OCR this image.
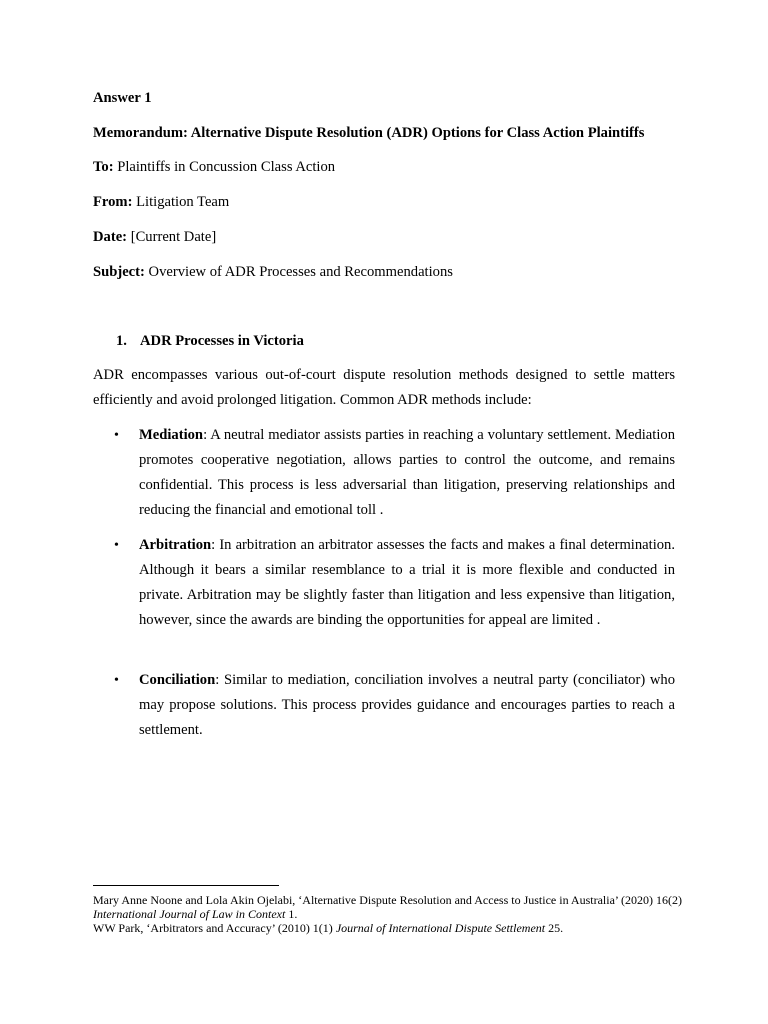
Answer 1
Memorandum: Alternative Dispute Resolution (ADR) Options for Class Action Plaintiffs
To: Plaintiffs in Concussion Class Action
From: Litigation Team
Date: [Current Date]
Subject: Overview of ADR Processes and Recommendations
1. ADR Processes in Victoria
ADR encompasses various out-of-court dispute resolution methods designed to settle matters efficiently and avoid prolonged litigation. Common ADR methods include:
•	Mediation: A neutral mediator assists parties in reaching a voluntary settlement. Mediation promotes cooperative negotiation, allows parties to control the outcome, and remains confidential. This process is less adversarial than litigation, preserving relationships and reducing the financial and emotional toll .
•	Arbitration: In arbitration an arbitrator assesses the facts and makes a final determination. Although it bears a similar resemblance to a trial it is more flexible and conducted in private. Arbitration may be slightly faster than litigation and less expensive than litigation, however, since the awards are binding the opportunities for appeal are limited .
•	Conciliation: Similar to mediation, conciliation involves a neutral party (conciliator) who may propose solutions. This process provides guidance and encourages parties to reach a settlement.
Mary Anne Noone and Lola Akin Ojelabi, ‘Alternative Dispute Resolution and Access to Justice in Australia’ (2020) 16(2) International Journal of Law in Context 1.
WW Park, ‘Arbitrators and Accuracy’ (2010) 1(1) Journal of International Dispute Settlement 25.
